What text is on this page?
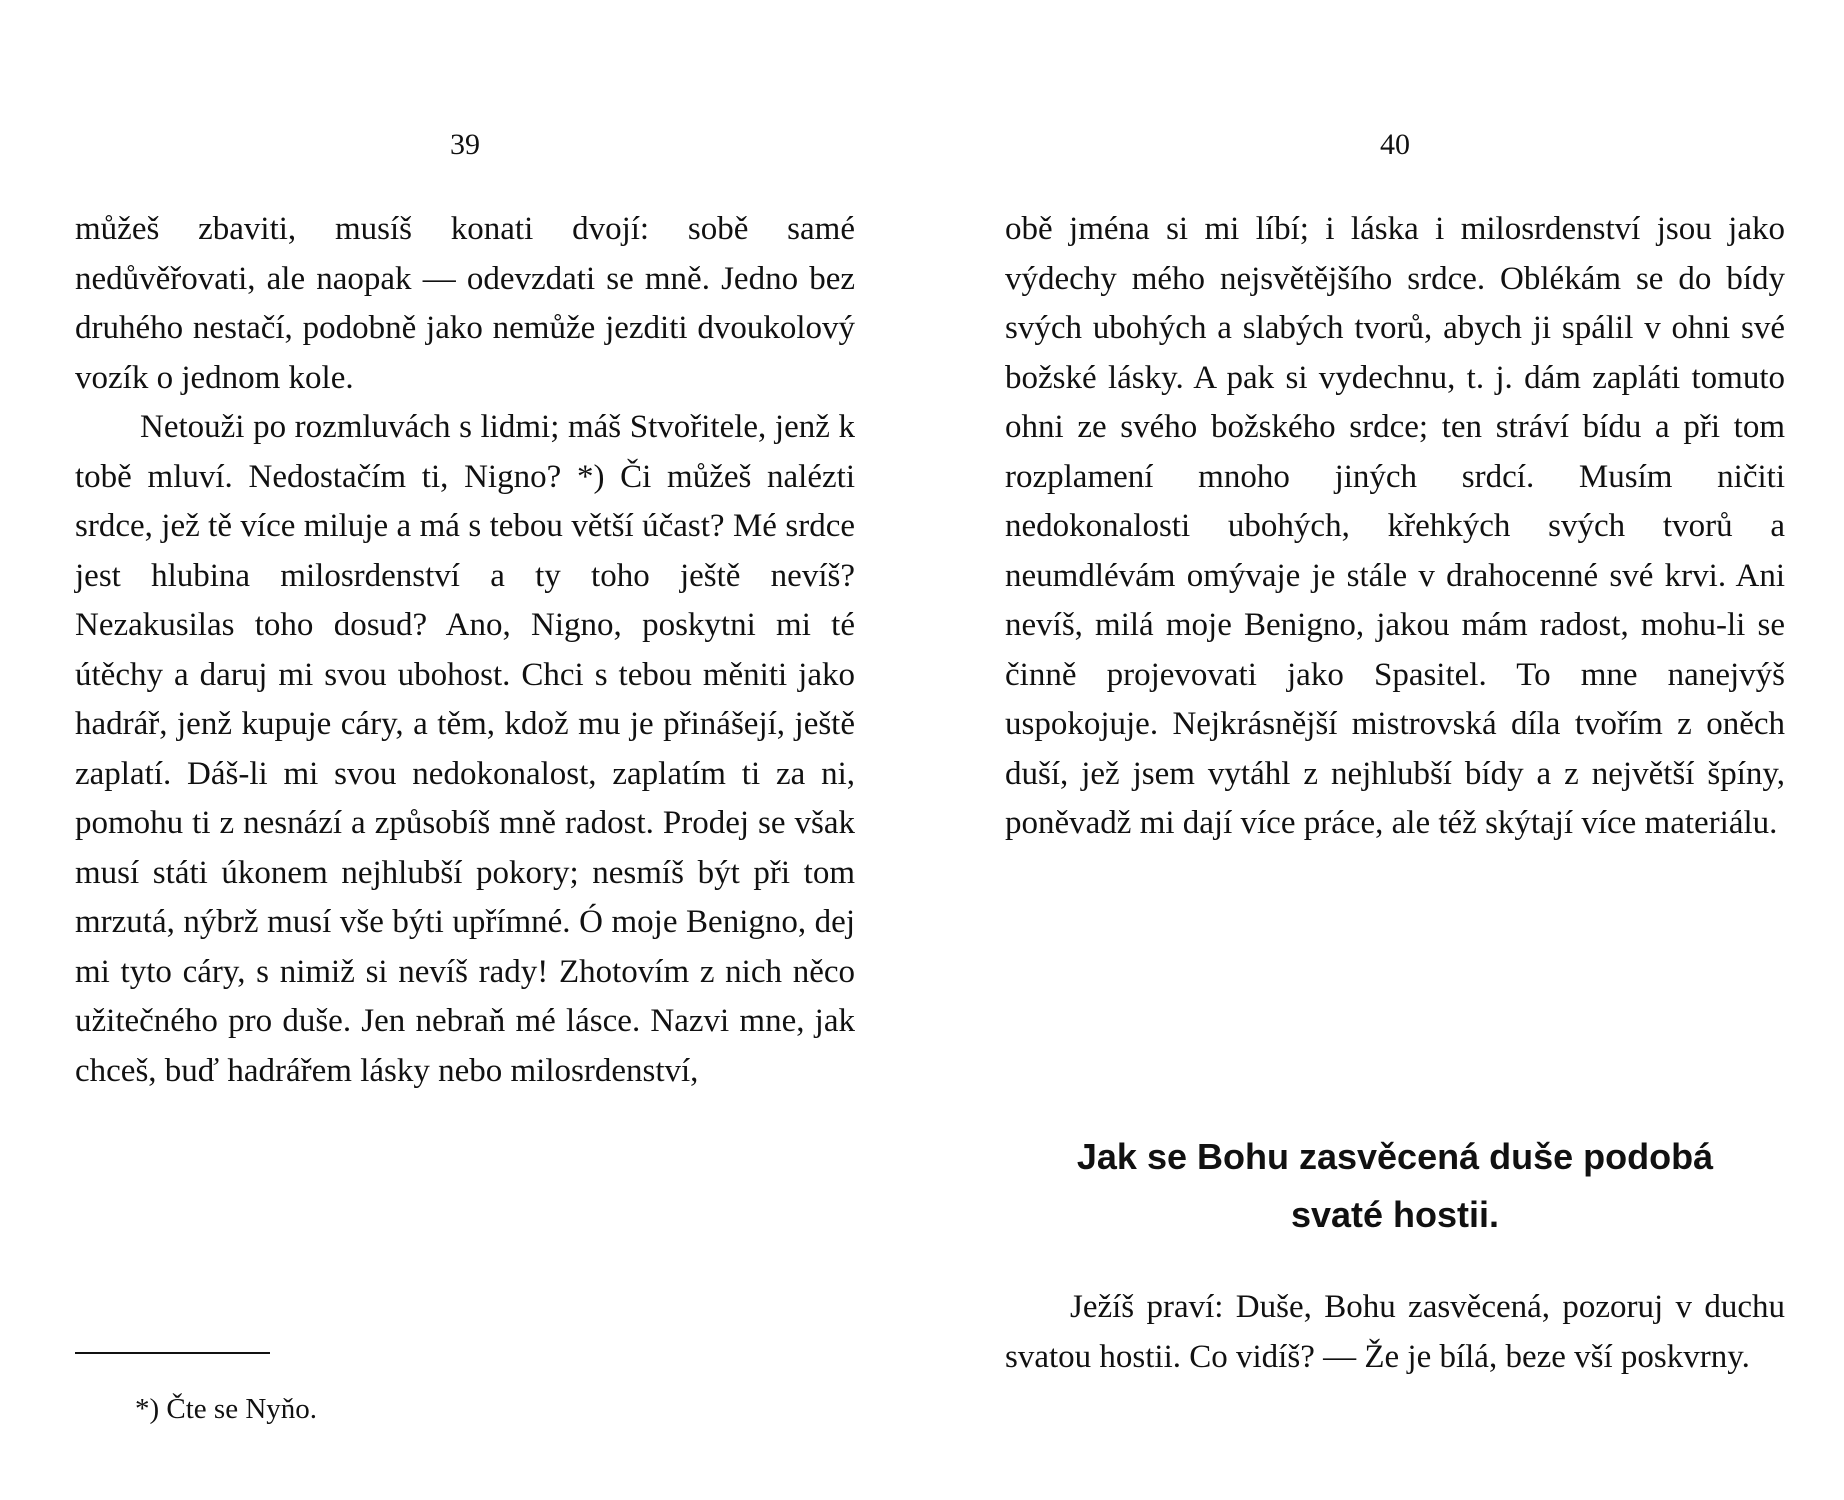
39

můžeš zbaviti, musíš konati dvojí: sobě samé nedůvěřovati, ale naopak — odevzdati se mně. Jedno bez druhého nestačí, podobně jako nemůže jezditi dvoukolový vozík o jednom kole.

Netouži po rozmluvách s lidmi; máš Stvořitele, jenž k tobě mluví. Nedostačím ti, Nigno? *) Či můžeš nalézti srdce, jež tě více miluje a má s tebou větší účast? Mé srdce jest hlubina milosrdenství a ty toho ještě nevíš? Nezakusilas toho dosud? Ano, Nigno, poskytni mi té útěchy a daruj mi svou ubohost. Chci s tebou měniti jako hadrář, jenž kupuje cáry, a těm, kdož mu je přinášejí, ještě zaplatí. Dáš-li mi svou nedokonalost, zaplatím ti za ni, pomohu ti z nesnází a způsobíš mně radost. Prodej se však musí státi úkonem nejhlubší pokory; nesmíš být při tom mrzutá, nýbrž musí vše býti upřímné. Ó moje Benigno, dej mi tyto cáry, s nimiž si nevíš rady! Zhotovím z nich něco užitečného pro duše. Jen nebraň mé lásce. Nazvi mne, jak chceš, buď hadrářem lásky nebo milosrdenství,

*) Čte se Nyňo.
40

obě jména si mi líbí; i láska i milosrdenství jsou jako výdechy mého nejsvětějšího srdce. Oblékám se do bídy svých ubohých a slabých tvorů, abych ji spálil v ohni své božské lásky. A pak si vydechnu, t. j. dám zapláti tomuto ohni ze svého božského srdce; ten stráví bídu a při tom rozplamení mnoho jiných srdcí. Musím ničiti nedokonalosti ubohých, křehkých svých tvorů a neumdlévám omývaje je stále v drahocenné své krvi. Ani nevíš, milá moje Benigno, jakou mám radost, mohu-li se činně projevovati jako Spasitel. To mne nanejvýš uspokojuje. Nejkrásnější mistrovská díla tvořím z oněch duší, jež jsem vytáhl z nejhlubší bídy a z největší špíny, poněvadž mi dají více práce, ale též skýtají více materiálu.

Jak se Bohu zasvěcená duše podobá
svaté hostii.

Ježíš praví: Duše, Bohu zasvěcená, pozoruj v duchu svatou hostii. Co vidíš? — Že je bílá, beze vší poskvrny.
